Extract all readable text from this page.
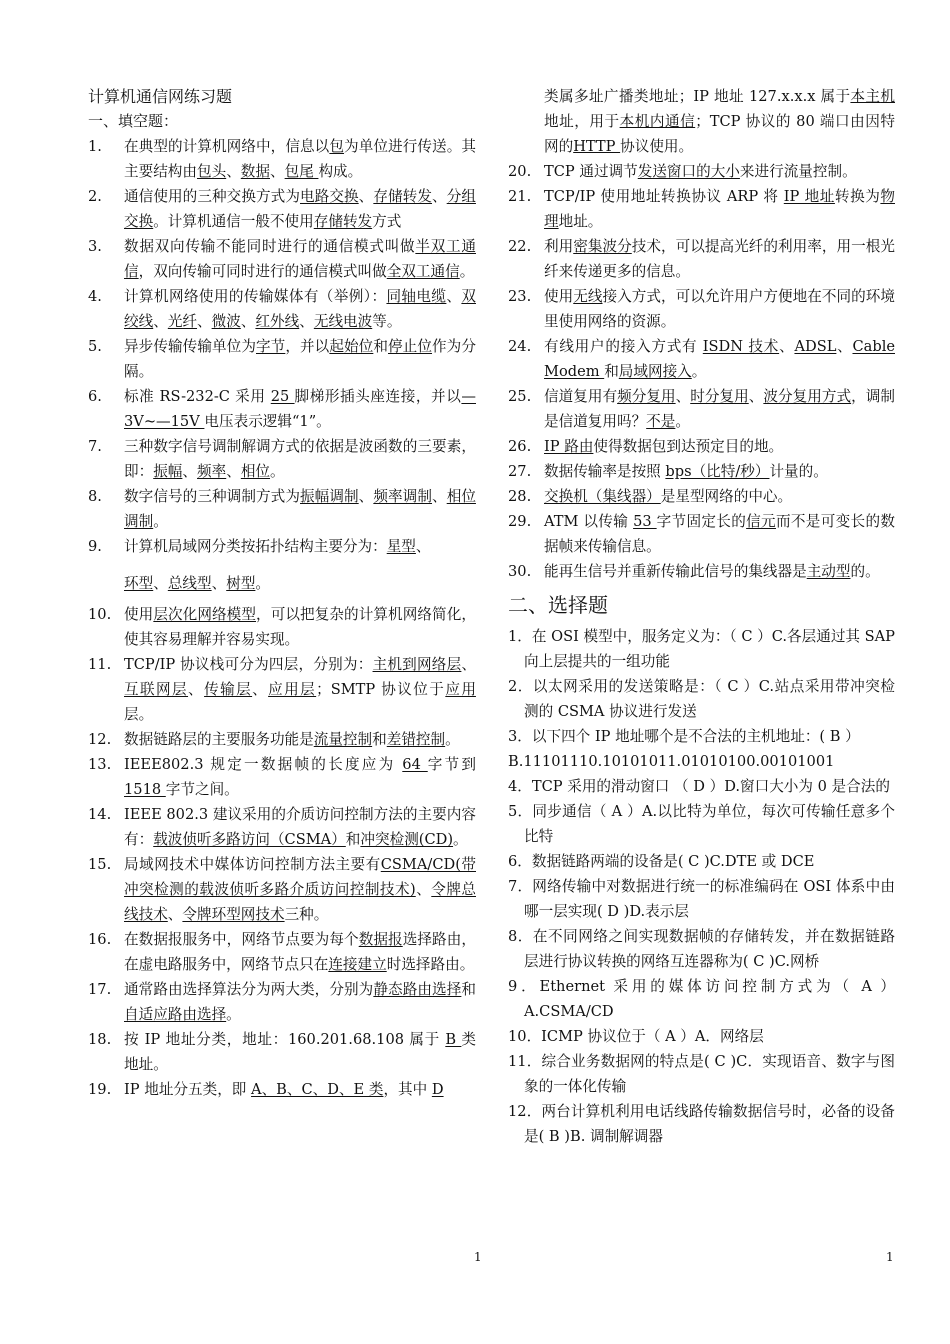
计算机通信网练习题
一、填空题：
1.	在典型的计算机网络中，信息以包为单位进行传送。其主要结构由包头、数据、包尾 构成。
2.	通信使用的三种交换方式为电路交换、存储转发、分组交换。计算机通信一般不使用存储转发方式
3.	数据双向传输不能同时进行的通信模式叫做半双工通信，双向传输可同时进行的通信模式叫做全双工通信。
4.	计算机网络使用的传输媒体有（举例）：同轴电缆、双绞线、光纤、微波、红外线、无线电波等。
5.	异步传输传输单位为字节，并以起始位和停止位作为分隔。
6.	标准 RS-232-C 采用 25 脚梯形插头座连接，并以—3V~—15V 电压表示逻辑“1”。
7.	三种数字信号调制解调方式的依据是波函数的三要素，即：振幅、频率、相位。
8.	数字信号的三种调制方式为振幅调制、频率调制、相位调制。
9.	计算机局域网分类按拓扑结构主要分为：星型、
环型、总线型、树型。
10. 使用层次化网络模型，可以把复杂的计算机网络简化，使其容易理解并容易实现。
11. TCP/IP 协议栈可分为四层，分别为：主机到网络层、互联网层、传输层、应用层；SMTP 协议位于应用层。
12. 数据链路层的主要服务功能是流量控制和差错控制。
13. IEEE802.3 规定一数据帧的长度应为 64 字节到 1518 字节之间。
14. IEEE 802.3 建议采用的介质访问控制方法的主要内容有：载波侦听多路访问（CSMA）和冲突检测(CD)。
15. 局域网技术中媒体访问控制方法主要有CSMA/CD(带冲突检测的载波侦听多路介质访问控制技术)、令牌总线技术、令牌环型网技术三种。
16. 在数据报服务中，网络节点要为每个数据报选择路由，在虚电路服务中，网络节点只在连接建立时选择路由。
17. 通常路由选择算法分为两大类，分别为静态路由选择和自适应路由选择。
18. 按 IP 地址分类，地址：160.201.68.108 属于 B 类地址。
19. IP 地址分五类，即 A、B、C、D、E 类，其中 D
类属多址广播类地址；IP 地址 127.x.x.x 属于本主机地址，用于本机内通信；TCP 协议的 80 端口由因特网的HTTP 协议使用。
20. TCP 通过调节发送窗口的大小来进行流量控制。
21. TCP/IP 使用地址转换协议 ARP 将 IP 地址转换为物理地址。
22. 利用密集波分技术，可以提高光纤的利用率，用一根光纤来传递更多的信息。
23. 使用无线接入方式，可以允许用户方便地在不同的环境里使用网络的资源。
24. 有线用户的接入方式有 ISDN 技术、ADSL、Cable Modem 和局域网接入。
25. 信道复用有频分复用、时分复用、波分复用方式，调制是信道复用吗？不是。
26. IP 路由使得数据包到达预定目的地。
27. 数据传输率是按照 bps（比特/秒）计量的。
28. 交换机（集线器）是星型网络的中心。
29. ATM 以传输 53 字节固定长的信元而不是可变长的数据帧来传输信息。
30. 能再生信号并重新传输此信号的集线器是主动型的。
二、选择题
1．在 OSI 模型中，服务定义为：（ C ）C.各层通过其 SAP 向上层提共的一组功能
2．以太网采用的发送策略是：（ C ）C.站点采用带冲突检测的 CSMA 协议进行发送
3．以下四个 IP 地址哪个是不合法的主机地址：( B ）
B.11101110.10101011.01010100.00101001
4．TCP 采用的滑动窗口 （ D ）D.窗口大小为 0 是合法的
5．同步通信（ A ）A.以比特为单位，每次可传输任意多个比特
6．数据链路两端的设备是( C )C.DTE 或 DCE
7．网络传输中对数据进行统一的标准编码在 OSI 体系中由哪一层实现( D )D.表示层
8．在不同网络之间实现数据帧的存储转发，并在数据链路层进行协议转换的网络互连器称为( C )C.网桥
9．Ethernet 采用的媒体访问控制方式为（ A ）A.CSMA/CD
10．ICMP 协议位于（ A ）A．网络层
11．综合业务数据网的特点是( C )C．实现语音、数字与图象的一体化传输
12．两台计算机利用电话线路传输数据信号时，必备的设备是( B )B. 调制解调器
1	1
